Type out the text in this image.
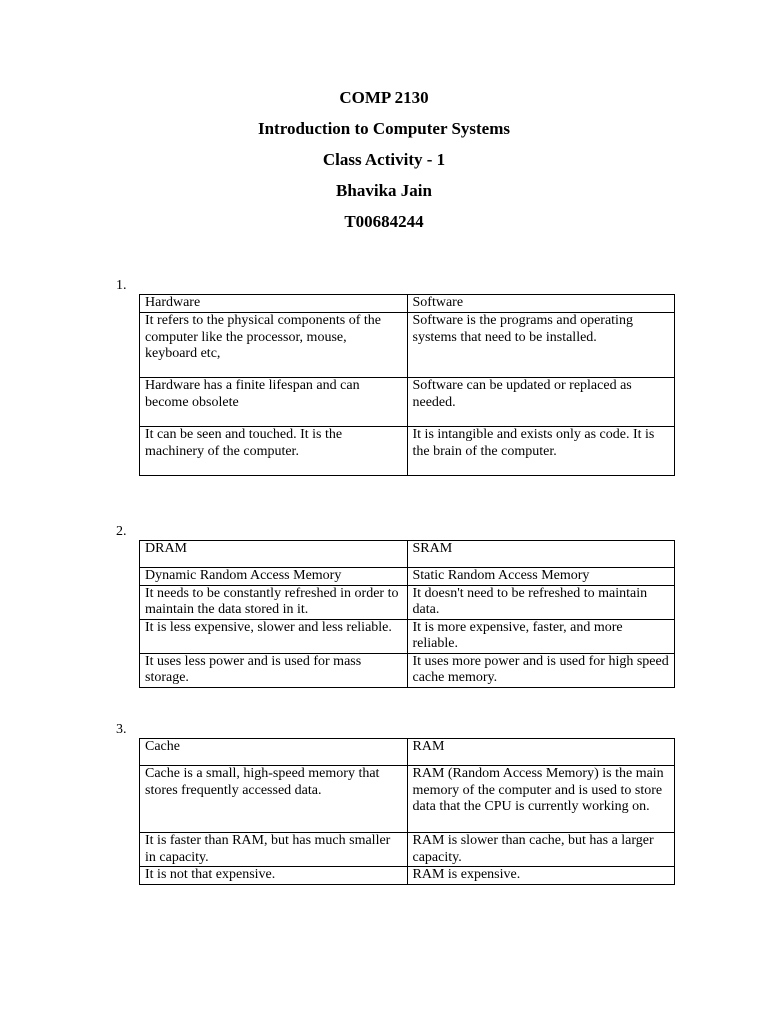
COMP 2130
Introduction to Computer Systems
Class Activity - 1
Bhavika Jain
T00684244
1.
Hardware	Software
It refers to the physical components of the computer like the processor, mouse, keyboard etc,	Software is the programs and operating systems that need to be installed.
Hardware has a finite lifespan and can become obsolete	Software can be updated or replaced as needed.
It can be seen and touched. It is the machinery of the computer.	It is intangible and exists only as code. It is the brain of the computer.
2.
DRAM	SRAM
Dynamic Random Access Memory	Static Random Access Memory
It needs to be constantly refreshed in order to maintain the data stored in it.	It doesn't need to be refreshed to maintain data.
It is less expensive, slower and less reliable.	It is more expensive, faster, and more reliable.
It uses less power and is used for mass storage.	It uses more power and is used for high speed cache memory.
3.
Cache	RAM
Cache is a small, high-speed memory that stores frequently accessed data.	RAM (Random Access Memory) is the main memory of the computer and is used to store data that the CPU is currently working on.
It is faster than RAM, but has much smaller in capacity.	RAM is slower than cache, but has a larger capacity.
It is not that expensive.	RAM is expensive.
